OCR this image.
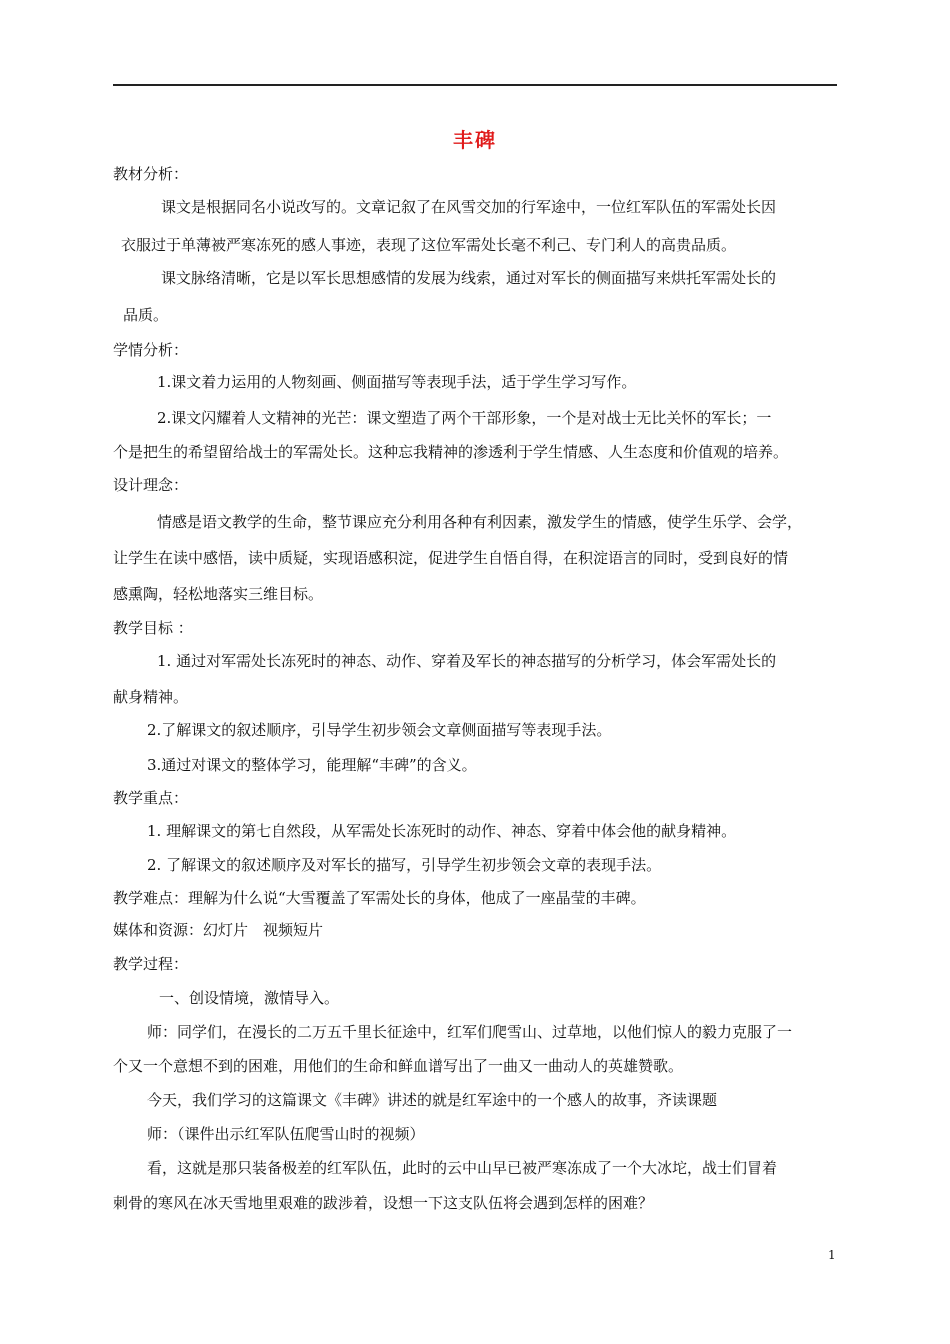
丰碑
教材分析：
课文是根据同名小说改写的。文章记叙了在风雪交加的行军途中，一位红军队伍的军需处长因
衣服过于单薄被严寒冻死的感人事迹，表现了这位军需处长毫不利己、专门利人的高贵品质。
课文脉络清晰，它是以军长思想感情的发展为线索，通过对军长的侧面描写来烘托军需处长的
品质。
学情分析：
1.课文着力运用的人物刻画、侧面描写等表现手法，适于学生学习写作。
2.课文闪耀着人文精神的光芒：课文塑造了两个干部形象，一个是对战士无比关怀的军长；一
个是把生的希望留给战士的军需处长。这种忘我精神的渗透利于学生情感、人生态度和价值观的培养。
设计理念：
情感是语文教学的生命，整节课应充分利用各种有利因素，激发学生的情感，使学生乐学、会学，
让学生在读中感悟，读中质疑，实现语感积淀，促进学生自悟自得，在积淀语言的同时，受到良好的情
感熏陶，轻松地落实三维目标。
教学目标 ：
1. 通过对军需处长冻死时的神态、动作、穿着及军长的神态描写的分析学习，体会军需处长的
献身精神。
2.了解课文的叙述顺序，引导学生初步领会文章侧面描写等表现手法。
3.通过对课文的整体学习，能理解“丰碑”的含义。
教学重点：
1. 理解课文的第七自然段，从军需处长冻死时的动作、神态、穿着中体会他的献身精神。
2. 了解课文的叙述顺序及对军长的描写，引导学生初步领会文章的表现手法。
教学难点：理解为什么说“大雪覆盖了军需处长的身体，他成了一座晶莹的丰碑。
媒体和资源：幻灯片　视频短片
教学过程：
一、创设情境，激情导入。
师：同学们，在漫长的二万五千里长征途中，红军们爬雪山、过草地，以他们惊人的毅力克服了一
个又一个意想不到的困难，用他们的生命和鲜血谱写出了一曲又一曲动人的英雄赞歌。
今天，我们学习的这篇课文《丰碑》讲述的就是红军途中的一个感人的故事，齐读课题
师：（课件出示红军队伍爬雪山时的视频）
看，这就是那只装备极差的红军队伍，此时的云中山早已被严寒冻成了一个大冰坨，战士们冒着
刺骨的寒风在冰天雪地里艰难的跋涉着，设想一下这支队伍将会遇到怎样的困难？
1
